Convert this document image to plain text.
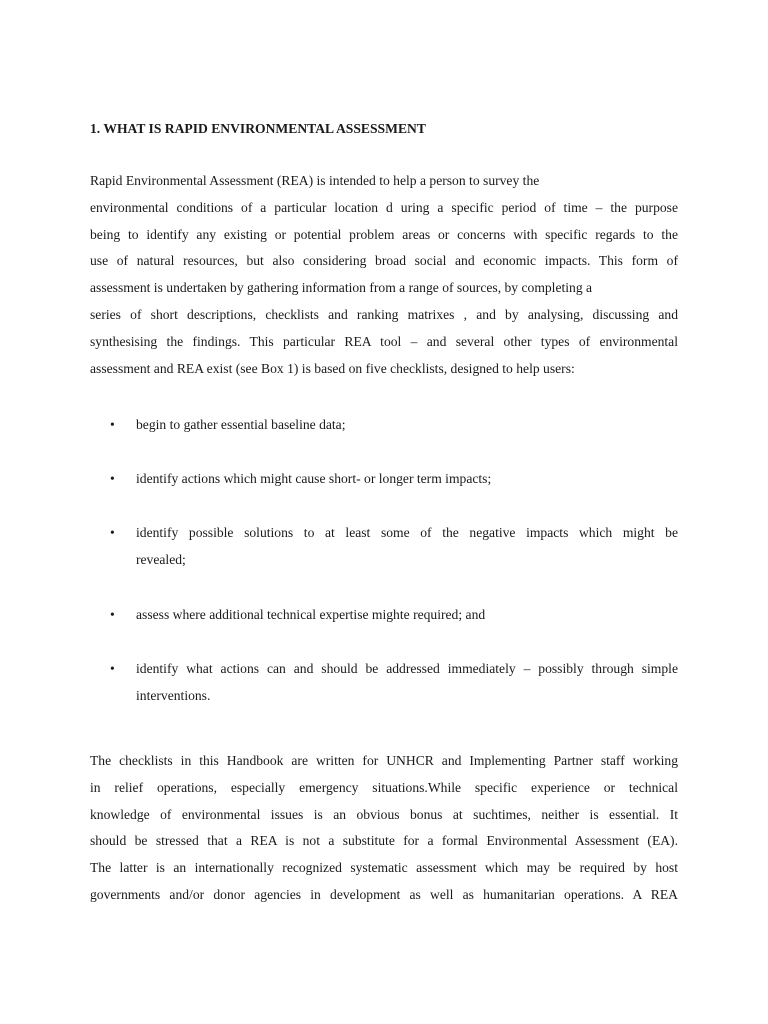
1. WHAT IS RAPID ENVIRONMENTAL ASSESSMENT
Rapid Environmental Assessment (REA) is intended to help a person to survey the
environmental conditions of a particular location d uring a specific period of time – the purpose
being to identify any existing or potential problem areas or concerns with specific regards to the
use of natural resources, but also considering broad social and economic impacts. This form of
assessment is undertaken by gathering information from a range of sources, by completing a
series of short descriptions, checklists and ranking matrixes , and by analysing, discussing and
synthesising the findings. This particular REA tool – and several other types of environmental
assessment and REA exist (see Box 1) is based on five checklists, designed to help users:
•	begin to gather essential baseline data;
•	identify actions which might cause short- or longer term impacts;
•	identify possible solutions to at least some of the negative impacts which might be
revealed;
•	assess where additional technical expertise mighte required; and
•	identify what actions can and should be addressed immediately – possibly through simple
interventions.
The checklists in this Handbook are written for UNHCR and Implementing Partner staff working
in relief operations, especially emergency situations.While specific experience or technical
knowledge of environmental issues is an obvious bonus at suchtimes, neither is essential. It
should be stressed that a REA is not a substitute for a formal Environmental Assessment (EA).
The latter is an internationally recognized systematic assessment which may be required by host
governments and/or donor agencies in development as well as humanitarian operations. A REA
